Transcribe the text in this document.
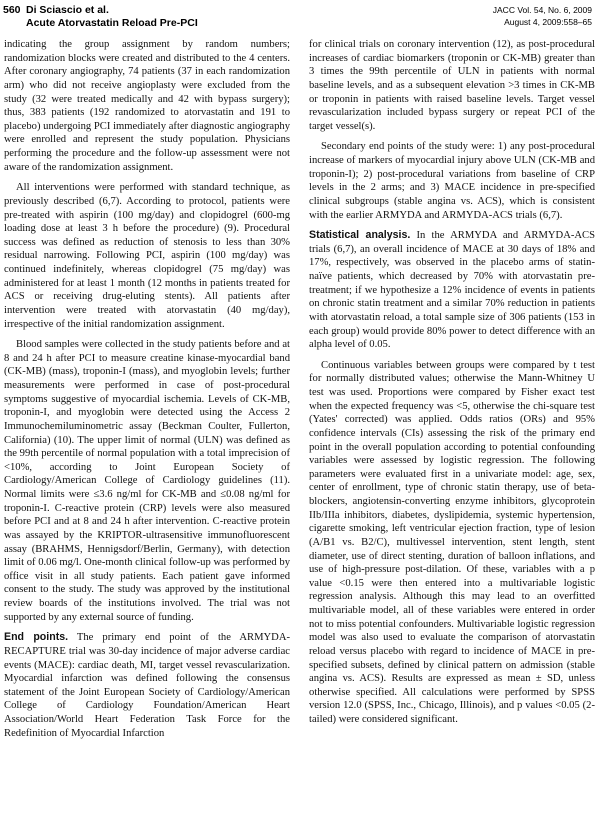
560 Di Sciascio et al.
Acute Atorvastatin Reload Pre-PCI
JACC Vol. 54, No. 6, 2009
August 4, 2009:558–65

indicating the group assignment by random numbers; randomization blocks were created and distributed to the 4 centers. After coronary angiography, 74 patients (37 in each randomization arm) who did not receive angioplasty were excluded from the study (32 were treated medically and 42 with bypass surgery); thus, 383 patients (192 randomized to atorvastatin and 191 to placebo) undergoing PCI immediately after diagnostic angiography were enrolled and represent the study population. Physicians performing the procedure and the follow-up assessment were not aware of the randomization assignment.

All interventions were performed with standard technique, as previously described (6,7). According to protocol, patients were pre-treated with aspirin (100 mg/day) and clopidogrel (600-mg loading dose at least 3 h before the procedure) (9). Procedural success was defined as reduction of stenosis to less than 30% residual narrowing. Following PCI, aspirin (100 mg/day) was continued indefinitely, whereas clopidogrel (75 mg/day) was administered for at least 1 month (12 months in patients treated for ACS or receiving drug-eluting stents). All patients after intervention were treated with atorvastatin (40 mg/day), irrespective of the initial randomization assignment.

Blood samples were collected in the study patients before and at 8 and 24 h after PCI to measure creatine kinase-myocardial band (CK-MB) (mass), troponin-I (mass), and myoglobin levels; further measurements were performed in case of post-procedural symptoms suggestive of myocardial ischemia. Levels of CK-MB, troponin-I, and myoglobin were detected using the Access 2 Immunochemiluminometric assay (Beckman Coulter, Fullerton, California) (10). The upper limit of normal (ULN) was defined as the 99th percentile of normal population with a total imprecision of <10%, according to Joint European Society of Cardiology/American College of Cardiology guidelines (11). Normal limits were ≤3.6 ng/ml for CK-MB and ≤0.08 ng/ml for troponin-I. C-reactive protein (CRP) levels were also measured before PCI and at 8 and 24 h after intervention. C-reactive protein was assayed by the KRIPTOR-ultrasensitive immunofluorescent assay (BRAHMS, Hennigsdorf/Berlin, Germany), with detection limit of 0.06 mg/l. One-month clinical follow-up was performed by office visit in all study patients. Each patient gave informed consent to the study. The study was approved by the institutional review boards of the institutions involved. The trial was not supported by any external source of funding.

End points. The primary end point of the ARMYDA-RECAPTURE trial was 30-day incidence of major adverse cardiac events (MACE): cardiac death, MI, target vessel revascularization. Myocardial infarction was defined following the consensus statement of the Joint European Society of Cardiology/American College of Cardiology Foundation/American Heart Association/World Heart Federation Task Force for the Redefinition of Myocardial Infarction

for clinical trials on coronary intervention (12), as post-procedural increases of cardiac biomarkers (troponin or CK-MB) greater than 3 times the 99th percentile of ULN in patients with normal baseline levels, and as a subsequent elevation >3 times in CK-MB or troponin in patients with raised baseline levels. Target vessel revascularization included bypass surgery or repeat PCI of the target vessel(s).

Secondary end points of the study were: 1) any post-procedural increase of markers of myocardial injury above ULN (CK-MB and troponin-I); 2) post-procedural variations from baseline of CRP levels in the 2 arms; and 3) MACE incidence in pre-specified clinical subgroups (stable angina vs. ACS), which is consistent with the earlier ARMYDA and ARMYDA-ACS trials (6,7).

Statistical analysis. In the ARMYDA and ARMYDA-ACS trials (6,7), an overall incidence of MACE at 30 days of 18% and 17%, respectively, was observed in the placebo arms of statin-naïve patients, which decreased by 70% with atorvastatin pre-treatment; if we hypothesize a 12% incidence of events in patients on chronic statin treatment and a similar 70% reduction in patients with atorvastatin reload, a total sample size of 306 patients (153 in each group) would provide 80% power to detect difference with an alpha level of 0.05.

Continuous variables between groups were compared by t test for normally distributed values; otherwise the Mann-Whitney U test was used. Proportions were compared by Fisher exact test when the expected frequency was <5, otherwise the chi-square test (Yates' corrected) was applied. Odds ratios (ORs) and 95% confidence intervals (CIs) assessing the risk of the primary end point in the overall population according to potential confounding variables were assessed by logistic regression. The following parameters were evaluated first in a univariate model: age, sex, center of enrollment, type of chronic statin therapy, use of beta-blockers, angiotensin-converting enzyme inhibitors, glycoprotein IIb/IIIa inhibitors, diabetes, dyslipidemia, systemic hypertension, cigarette smoking, left ventricular ejection fraction, type of lesion (A/B1 vs. B2/C), multivessel intervention, stent length, stent diameter, use of direct stenting, duration of balloon inflations, and use of high-pressure post-dilation. Of these, variables with a p value <0.15 were then entered into a multivariable logistic regression analysis. Although this may lead to an overfitted multivariable model, all of these variables were entered in order not to miss potential confounders. Multivariable logistic regression model was also used to evaluate the comparison of atorvastatin reload versus placebo with regard to incidence of MACE in pre-specified subsets, defined by clinical pattern on admission (stable angina vs. ACS). Results are expressed as mean ± SD, unless otherwise specified. All calculations were performed by SPSS version 12.0 (SPSS, Inc., Chicago, Illinois), and p values <0.05 (2-tailed) were considered significant.
